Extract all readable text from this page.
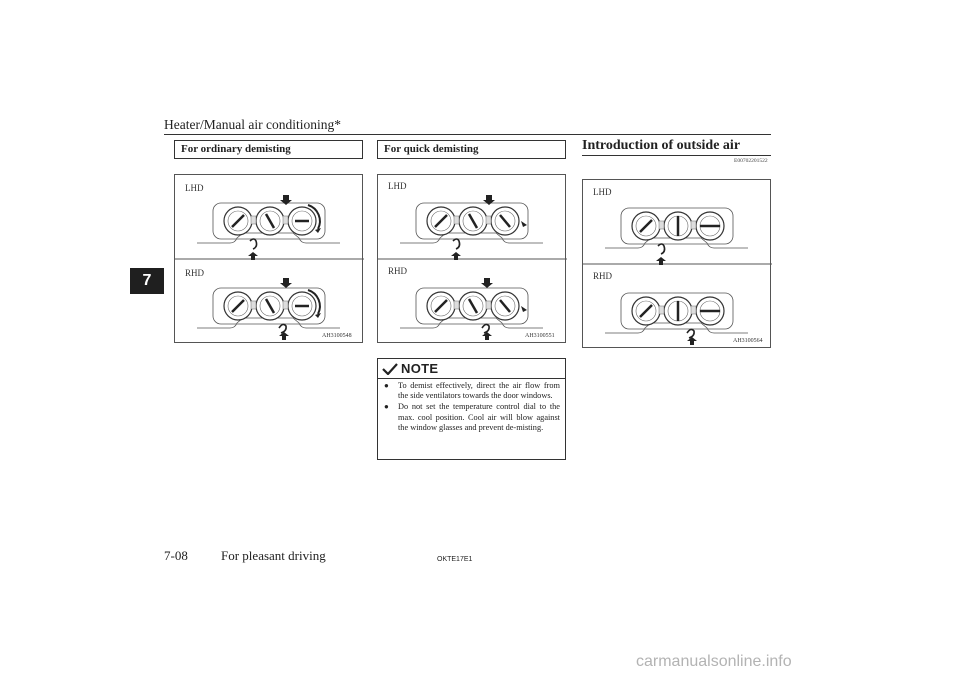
Heater/Manual air conditioning*
7
For ordinary demisting
LHD
RHD
AH3100548
For quick demisting
LHD
RHD
AH3100551
NOTE
● To demist effectively, direct the air flow from the side ventilators towards the door windows.
● Do not set the temperature control dial to the max. cool position. Cool air will blow against the window glasses and prevent de-misting.
Introduction of outside air
E00702201522
LHD
RHD
AH3100564
7-08	For pleasant driving	OKTE17E1
carmanualsonline.info
